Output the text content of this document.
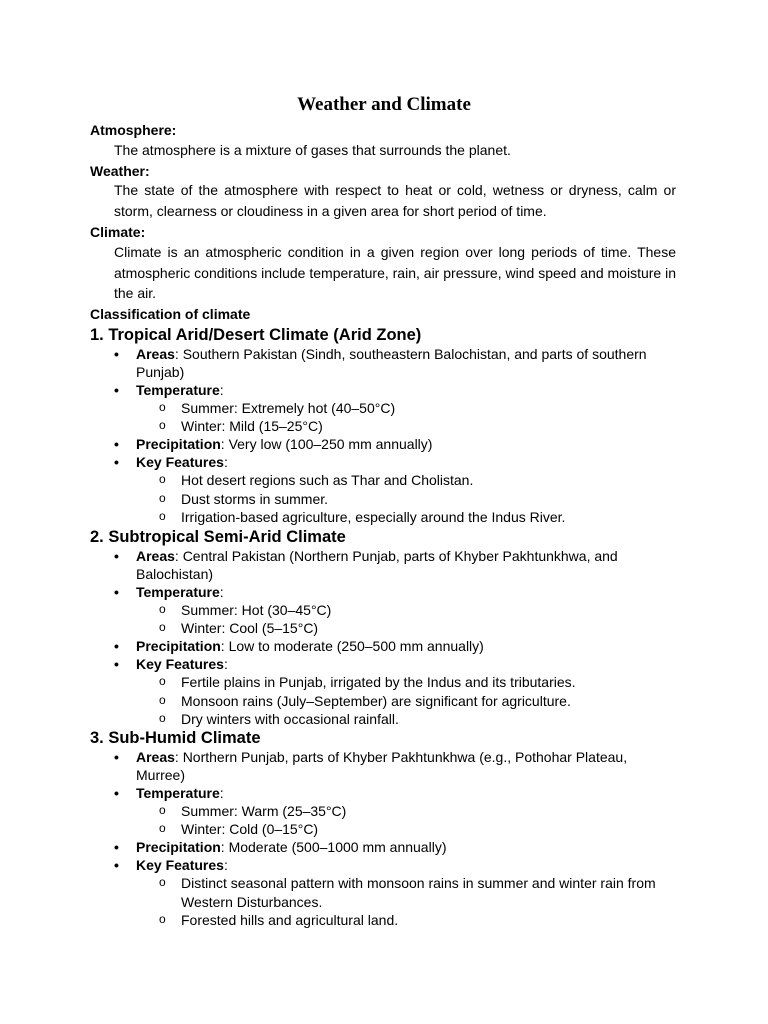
Weather and Climate
Atmosphere:
The atmosphere is a mixture of gases that surrounds the planet.
Weather:
The state of the atmosphere with respect to heat or cold, wetness or dryness, calm or storm, clearness or cloudiness in a given area for short period of time.
Climate:
Climate is an atmospheric condition in a given region over long periods of time. These atmospheric conditions include temperature, rain, air pressure, wind speed and moisture in the air.
Classification of climate
1. Tropical Arid/Desert Climate (Arid Zone)
• Areas: Southern Pakistan (Sindh, southeastern Balochistan, and parts of southern Punjab)
• Temperature:
o Summer: Extremely hot (40–50°C)
o Winter: Mild (15–25°C)
• Precipitation: Very low (100–250 mm annually)
• Key Features:
o Hot desert regions such as Thar and Cholistan.
o Dust storms in summer.
o Irrigation-based agriculture, especially around the Indus River.
2. Subtropical Semi-Arid Climate
• Areas: Central Pakistan (Northern Punjab, parts of Khyber Pakhtunkhwa, and Balochistan)
• Temperature:
o Summer: Hot (30–45°C)
o Winter: Cool (5–15°C)
• Precipitation: Low to moderate (250–500 mm annually)
• Key Features:
o Fertile plains in Punjab, irrigated by the Indus and its tributaries.
o Monsoon rains (July–September) are significant for agriculture.
o Dry winters with occasional rainfall.
3. Sub-Humid Climate
• Areas: Northern Punjab, parts of Khyber Pakhtunkhwa (e.g., Pothohar Plateau, Murree)
• Temperature:
o Summer: Warm (25–35°C)
o Winter: Cold (0–15°C)
• Precipitation: Moderate (500–1000 mm annually)
• Key Features:
o Distinct seasonal pattern with monsoon rains in summer and winter rain from Western Disturbances.
o Forested hills and agricultural land.
